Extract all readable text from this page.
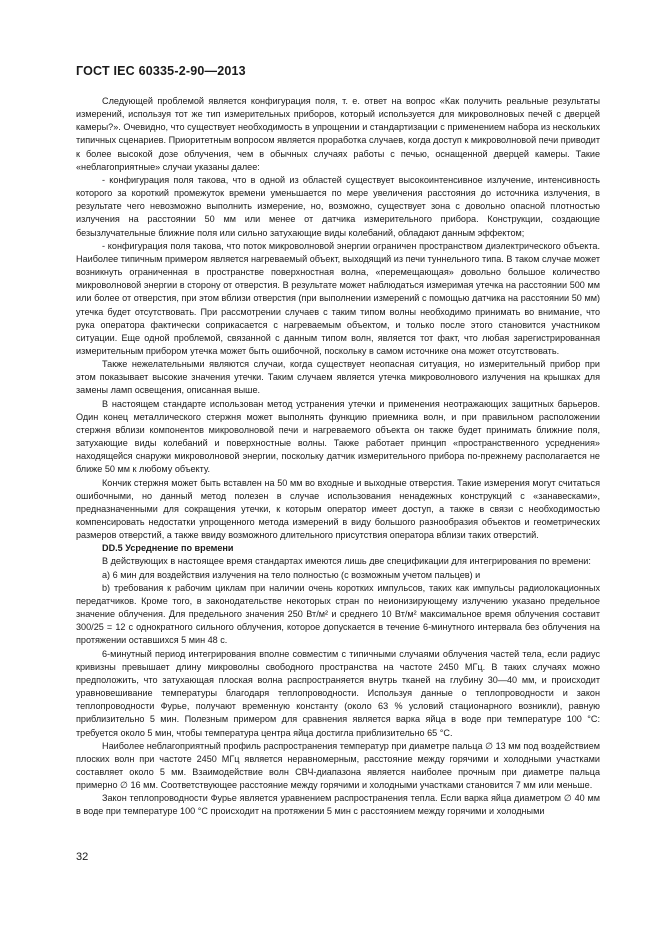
ГОСТ IEC 60335-2-90—2013

Следующей проблемой является конфигурация поля, т. е. ответ на вопрос «Как получить реальные результаты измерений, используя тот же тип измерительных приборов, который используется для микроволновых печей с дверцей камеры?». Очевидно, что существует необходимость в упрощении и стандартизации с применением набора из нескольких типичных сценариев. Приоритетным вопросом является проработка случаев, когда доступ к микроволновой печи приводит к более высокой дозе облучения, чем в обычных случаях работы с печью, оснащенной дверцей камеры. Такие «неблагоприятные» случаи указаны далее:

- конфигурация поля такова, что в одной из областей существует высокоинтенсивное излучение, интенсивность которого за короткий промежуток времени уменьшается по мере увеличения расстояния до источника излучения, в результате чего невозможно выполнить измерение, но, возможно, существует зона с довольно опасной плотностью излучения на расстоянии 50 мм или менее от датчика измерительного прибора. Конструкции, создающие безызлучательные ближние поля или сильно затухающие виды колебаний, обладают данным эффектом;

- конфигурация поля такова, что поток микроволновой энергии ограничен пространством диэлектрического объекта. Наиболее типичным примером является нагреваемый объект, выходящий из печи туннельного типа. В таком случае может возникнуть ограниченная в пространстве поверхностная волна, «перемещающая» довольно большое количество микроволновой энергии в сторону от отверстия. В результате может наблюдаться измеримая утечка на расстоянии 500 мм или более от отверстия, при этом вблизи отверстия (при выполнении измерений с помощью датчика на расстоянии 50 мм) утечка будет отсутствовать. При рассмотрении случаев с таким типом волны необходимо принимать во внимание, что рука оператора фактически соприкасается с нагреваемым объектом, и только после этого становится участником ситуации. Еще одной проблемой, связанной с данным типом волн, является тот факт, что любая зарегистрированная измерительным прибором утечка может быть ошибочной, поскольку в самом источнике она может отсутствовать.

Также нежелательными являются случаи, когда существует неопасная ситуация, но измерительный прибор при этом показывает высокие значения утечки. Таким случаем является утечка микроволнового излучения на крышках для замены ламп освещения, описанная выше.

В настоящем стандарте использован метод устранения утечки и применения неотражающих защитных барьеров. Один конец металлического стержня может выполнять функцию приемника волн, и при правильном расположении стержня вблизи компонентов микроволновой печи и нагреваемого объекта он также будет принимать ближние поля, затухающие виды колебаний и поверхностные волны. Также работает принцип «пространственного усреднения» находящейся снаружи микроволновой энергии, поскольку датчик измерительного прибора по-прежнему располагается не ближе 50 мм к любому объекту.

Кончик стержня может быть вставлен на 50 мм во входные и выходные отверстия. Такие измерения могут считаться ошибочными, но данный метод полезен в случае использования ненадежных конструкций с «занавесками», предназначенными для сокращения утечки, к которым оператор имеет доступ, а также в связи с необходимостью компенсировать недостатки упрощенного метода измерений в виду большого разнообразия объектов и геометрических размеров отверстий, а также ввиду возможного длительного присутствия оператора вблизи таких отверстий.

DD.5 Усреднение по времени

В действующих в настоящее время стандартах имеются лишь две спецификации для интегрирования по времени:

а) 6 мин для воздействия излучения на тело полностью (с возможным учетом пальцев) и

b) требования к рабочим циклам при наличии очень коротких импульсов, таких как импульсы радиолокационных передатчиков. Кроме того, в законодательстве некоторых стран по неионизирующему излучению указано предельное значение облучения. Для предельного значения 250 Вт/м² и среднего 10 Вт/м² максимальное время облучения составит 300/25 = 12 с однократного сильного облучения, которое допускается в течение 6-минутного интервала без облучения на протяжении оставшихся 5 мин 48 с.

6-минутный период интегрирования вполне совместим с типичными случаями облучения частей тела, если радиус кривизны превышает длину микроволны свободного пространства на частоте 2450 МГц. В таких случаях можно предположить, что затухающая плоская волна распространяется внутрь тканей на глубину 30—40 мм, и происходит уравновешивание температуры благодаря теплопроводности. Используя данные о теплопроводности и закон теплопроводности Фурье, получают временную константу (около 63 % условий стационарного возникли), равную приблизительно 5 мин. Полезным примером для сравнения является варка яйца в воде при температуре 100 °С: требуется около 5 мин, чтобы температура центра яйца достигла приблизительно 65 °С.

Наиболее неблагоприятный профиль распространения температур при диаметре пальца ∅ 13 мм под воздействием плоских волн при частоте 2450 МГц является неравномерным, расстояние между горячими и холодными участками составляет около 5 мм. Взаимодействие волн СВЧ-диапазона является наиболее прочным при диаметре пальца примерно ∅ 16 мм. Соответствующее расстояние между горячими и холодными участками становится 7 мм или меньше.

Закон теплопроводности Фурье является уравнением распространения тепла. Если варка яйца диаметром ∅ 40 мм в воде при температуре 100 °С происходит на протяжении 5 мин с расстоянием между горячими и холодными

32
